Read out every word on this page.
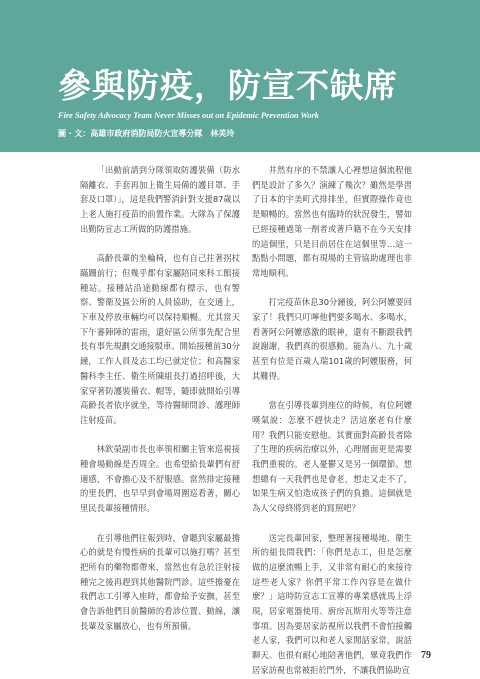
參與防疫，防宣不缺席
Fire Safety Advocacy Team Never Misses out on Epidemic Prevention Work
圖 ‧ 文：高雄市政府消防局防火宣導分隊　林美玲

「出動前請到分隊領取防護裝備（防水隔離衣、手套再加上衛生局備的護目罩、手套及口罩）」，這是我們警消針對支援87歲以上老人施打疫苗的前置作業。大隊為了保護出勤防宣志工所做的防護措施。

高齡長輩的坐輪椅，也有自己拄著拐杖蹣跚前行；但幾乎都有家屬陪同來科工館接種站。接種站沿途動線都有標示，也有警察、警衛及區公所的人員協助，在交通上，下車及停放車輛均可以保持順暢。尤其當天下午審陣陣的雷雨，還好區公所事先配合里長有事先規劃交通接駁車。開始接種前30分鐘，工作人員及志工均已就定位；和高醫家醫科李主任、衛生所陳組長打過招呼後，大家穿著防護裝備衣、帽等，隨即就開始引導高齡長者依序就坐，等待醫師問診、護理師注射疫苗。

林欽榮副市長也率領相關主管來巡視接種會場動線是否周全。也希望給長輩們有舒適感，不會擔心及不舒服感。當然排定接種的里長們，也早早到會場周圍巡看著，關心里民長輩接種情形。

在引導他們往報到時，會聽到家屬最擔心的就是有慢性病的長輩可以施打嗎？甚至把所有的藥物都帶來，當然也有急於注射接種完之後再趕到其他醫院門診。這些擔憂在我們志工引導入座時，都會給予安撫，甚至會告訴他們目前醫師的看診位置、動線，讓長輩及家屬放心，也有所預備。

井然有序的不禁讓人心裡想這個流程他們是設計了多久？演練了幾次？雖然是學習了日本的宇美町式排排坐，但實際操作竟也是順暢的。當然也有臨時的狀況發生，譬如已經接種過第一劑者或著戶籍不在今天安排的這個里，只是目前居住在這個里等…這一點點小問題，都有現場的主管協助處理也非常地順利。

打完疫苗休息30分鐘後，阿公阿嬤要回家了！我們只叮嚀他們要多喝水、多喝水，看著阿公阿嬤感激的眼神，還有不斷跟我們說謝謝，我們真的很感動。能為八、九十歲甚至有位是百歲人瑞101歲的阿嬤服務，何其難得。

當在引導長輩到座位的時候，有位阿嬤嘆氣說：怎麼不趕快走？活這麼老有什麼用？我們只能安慰他。其實面對高齡長者除了生理的疾病治療以外，心理層面更是需要我們重視的。老人憂鬱又是另一個環節。想想總有一天我們也是會老，想走又走不了，如果生病又怕造成孩子們的負擔。這個就是為人父母終將到老的寫照吧？

送完長輩回家，整理著接種場地、衛生所的組長問我們：「你們是志工，但是怎麼做的這麼流暢上手，又非常有耐心的來接待這些老人家？你們平常工作內容是在做什麼？」這時防宣志工宣導的專業感就馬上浮現，居家電器使用、廚房瓦斯用火等等注意事項。因為要居家訪視所以我們不會怕接觸老人家，我們可以和老人家閒話家常，說話聊天。也很有耐心地陪著他們，畢竟我們作居家訪視也常被拒於門外，不讓我們協助宣

79
